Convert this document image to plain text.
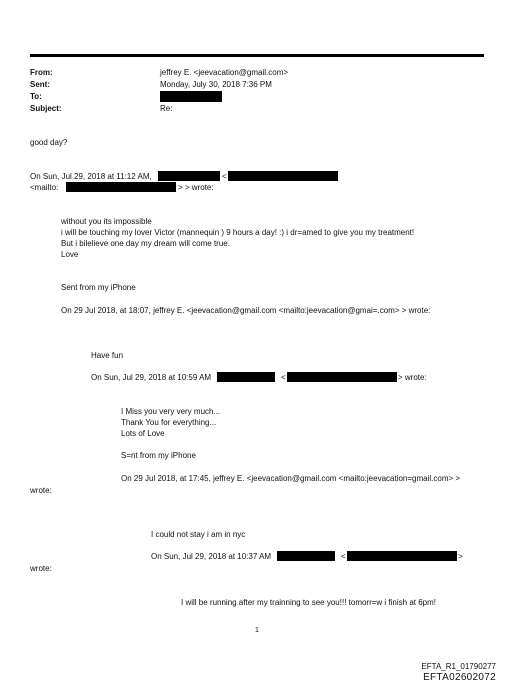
From:	jeffrey E. <jeevacation@gmail.com>
Sent:	Monday, July 30, 2018 7:36 PM
To:
Subject:	Re:
good day?
On Sun, Jul 29, 2018 at 11:12 AM,	<
<mailto:	> > wrote:
without you its impossible
i will be touching my lover Victor (mannequin ) 9 hours a day! :) i dr=amed to give you my treatment!
But i bilelieve one day my dream will come true.
Love
Sent from my iPhone
On 29 Jul 2018, at 18:07, jeffrey E. <jeevacation@gmail.com <mailto:jeevacation@gmai=.com> > wrote:
Have fun
On Sun, Jul 29, 2018 at 10:59 AM	<	> wrote:
I Miss you very very much...
Thank You for everything...
Lots of Love
S=nt from my iPhone
On 29 Jul 2018, at 17:45, jeffrey E. <jeevacation@gmail.com <mailto:jeevacation=gmail.com> >
wrote:
I could not stay i am in nyc
On Sun, Jul 29, 2018 at 10:37 AM	<	>
wrote:
I will be running after my trainning to see you!!! tomorr=w i finish at 6pm!
1
EFTA_R1_01790277
EFTA02602072
